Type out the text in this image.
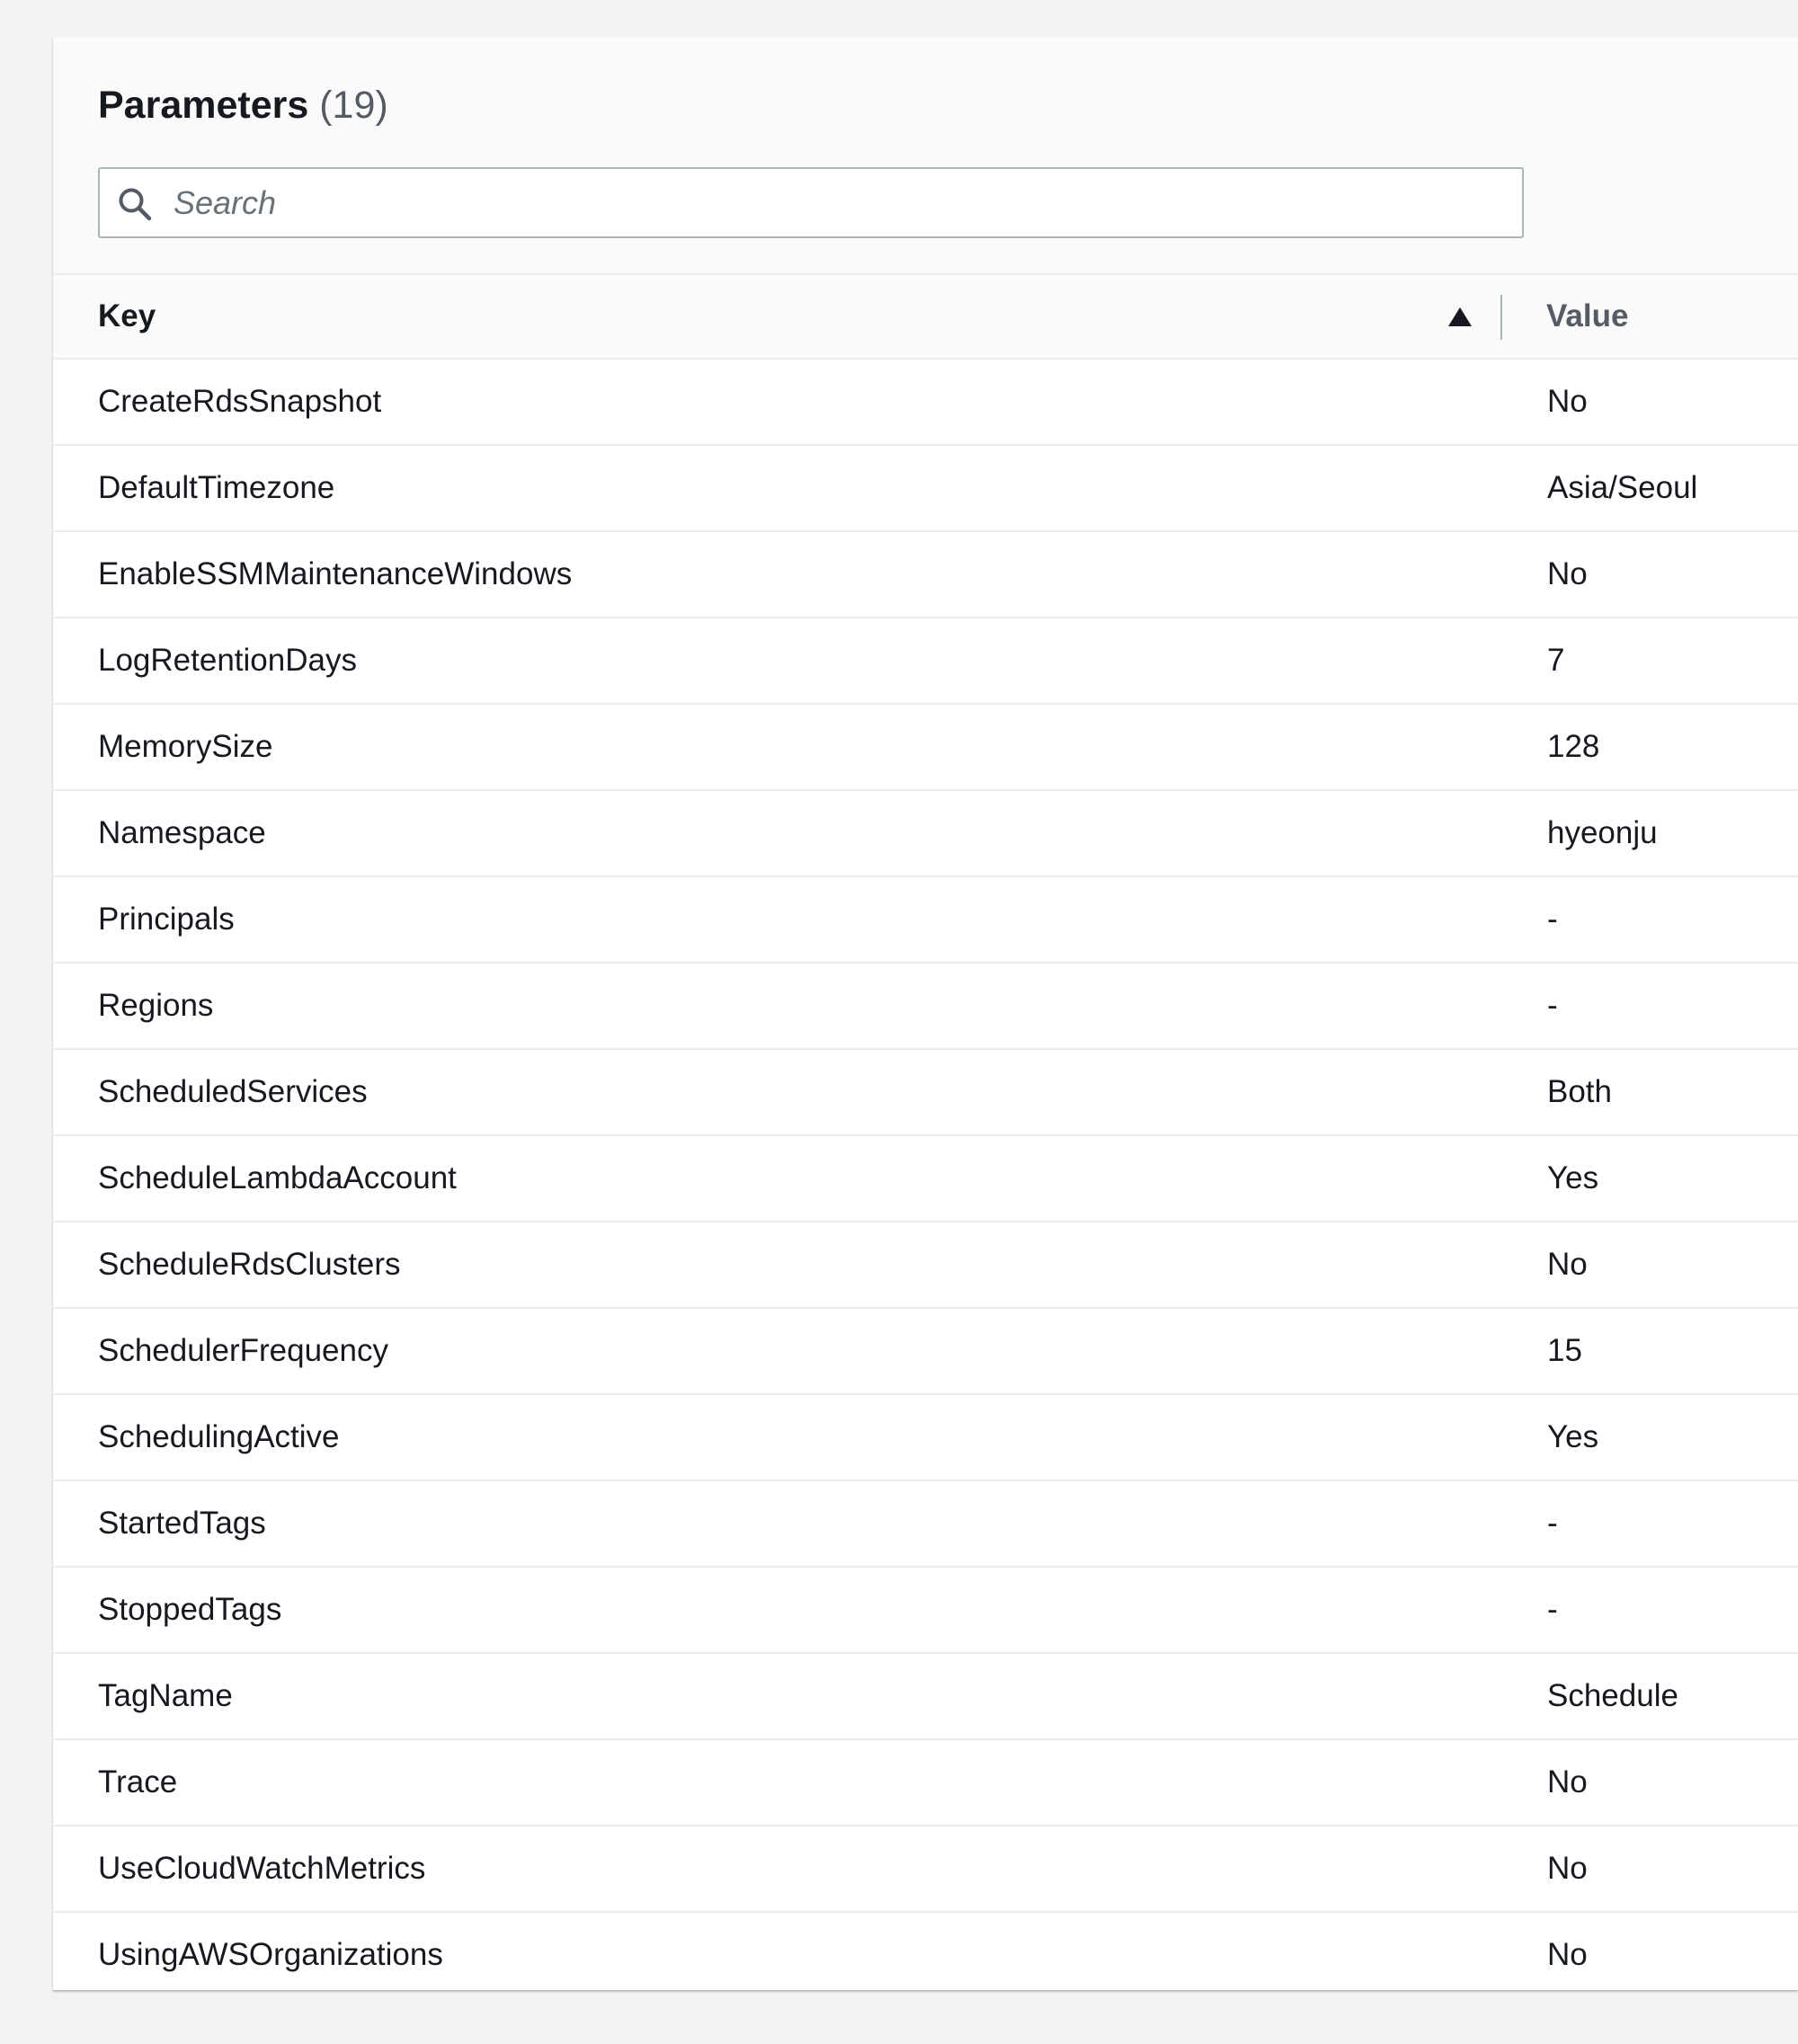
Parameters (19)
Search
Key	Value
CreateRdsSnapshot	No
DefaultTimezone	Asia/Seoul
EnableSSMMaintenanceWindows	No
LogRetentionDays	7
MemorySize	128
Namespace	hyeonju
Principals	-
Regions	-
ScheduledServices	Both
ScheduleLambdaAccount	Yes
ScheduleRdsClusters	No
SchedulerFrequency	15
SchedulingActive	Yes
StartedTags	-
StoppedTags	-
TagName	Schedule
Trace	No
UseCloudWatchMetrics	No
UsingAWSOrganizations	No
